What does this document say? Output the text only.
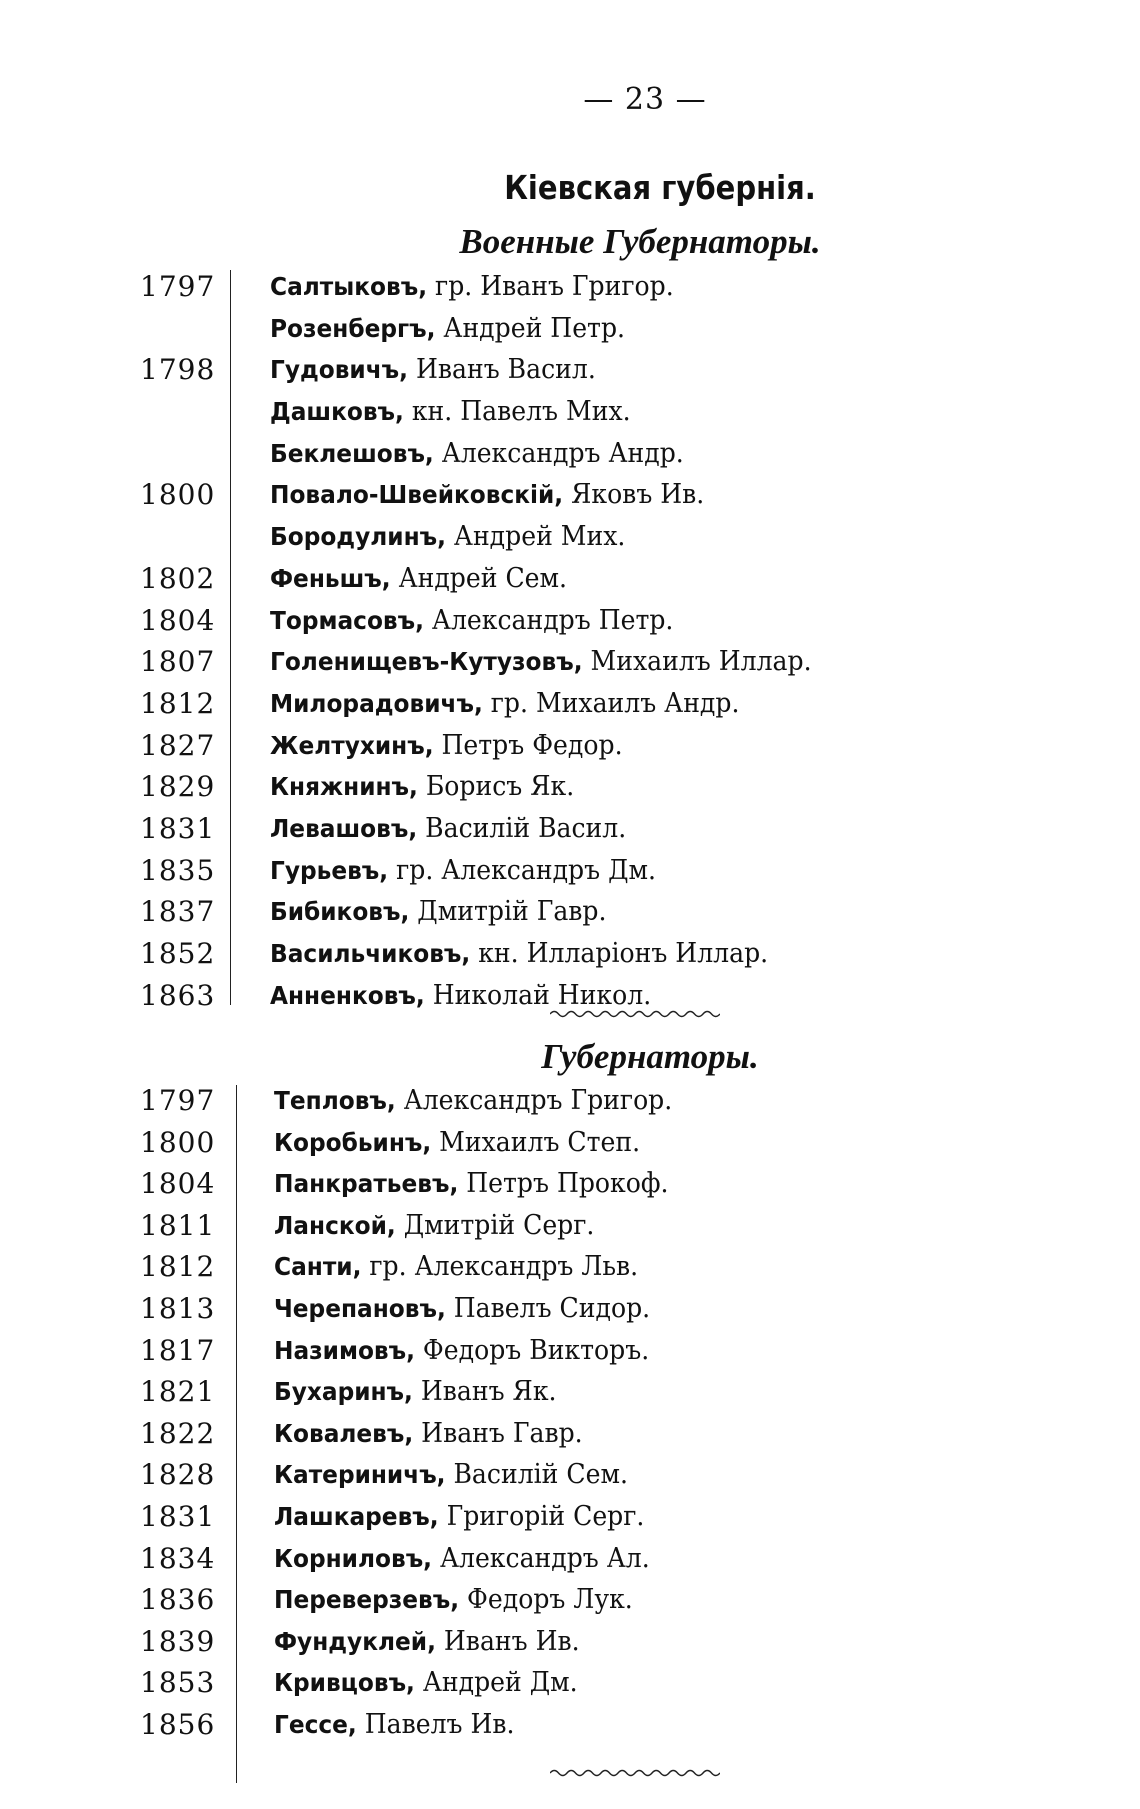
— 23 —
Кіевская губернія.
Военные Губернаторы.
1797 Салтыковъ, гр. Иванъ Григор.
Розенбергъ, Андрей Петр.
1798 Гудовичъ, Иванъ Васил.
Дашковъ, кн. Павелъ Мих.
Беклешовъ, Александръ Андр.
1800 Повало-Швейковскій, Яковъ Ив.
Бородулинъ, Андрей Мих.
1802 Феньшъ, Андрей Сем.
1804 Тормасовъ, Александръ Петр.
1807 Голенищевъ-Кутузовъ, Михаилъ Иллар.
1812 Милорадовичъ, гр. Михаилъ Андр.
1827 Желтухинъ, Петръ Федор.
1829 Княжнинъ, Борисъ Як.
1831 Левашовъ, Василій Васил.
1835 Гурьевъ, гр. Александръ Дм.
1837 Бибиковъ, Дмитрій Гавр.
1852 Васильчиковъ, кн. Илларіонъ Иллар.
1863 Анненковъ, Николай Никол.
Губернаторы.
1797 Тепловъ, Александръ Григор.
1800 Коробьинъ, Михаилъ Степ.
1804 Панкратьевъ, Петръ Прокоф.
1811 Ланской, Дмитрій Серг.
1812 Санти, гр. Александръ Льв.
1813 Черепановъ, Павелъ Сидор.
1817 Назимовъ, Федоръ Викторъ.
1821 Бухаринъ, Иванъ Як.
1822 Ковалевъ, Иванъ Гавр.
1828 Катериничъ, Василій Сем.
1831 Лашкаревъ, Григорій Серг.
1834 Корниловъ, Александръ Ал.
1836 Переверзевъ, Федоръ Лук.
1839 Фундуклей, Иванъ Ив.
1853 Кривцовъ, Андрей Дм.
1856 Гессе, Павелъ Ив.
